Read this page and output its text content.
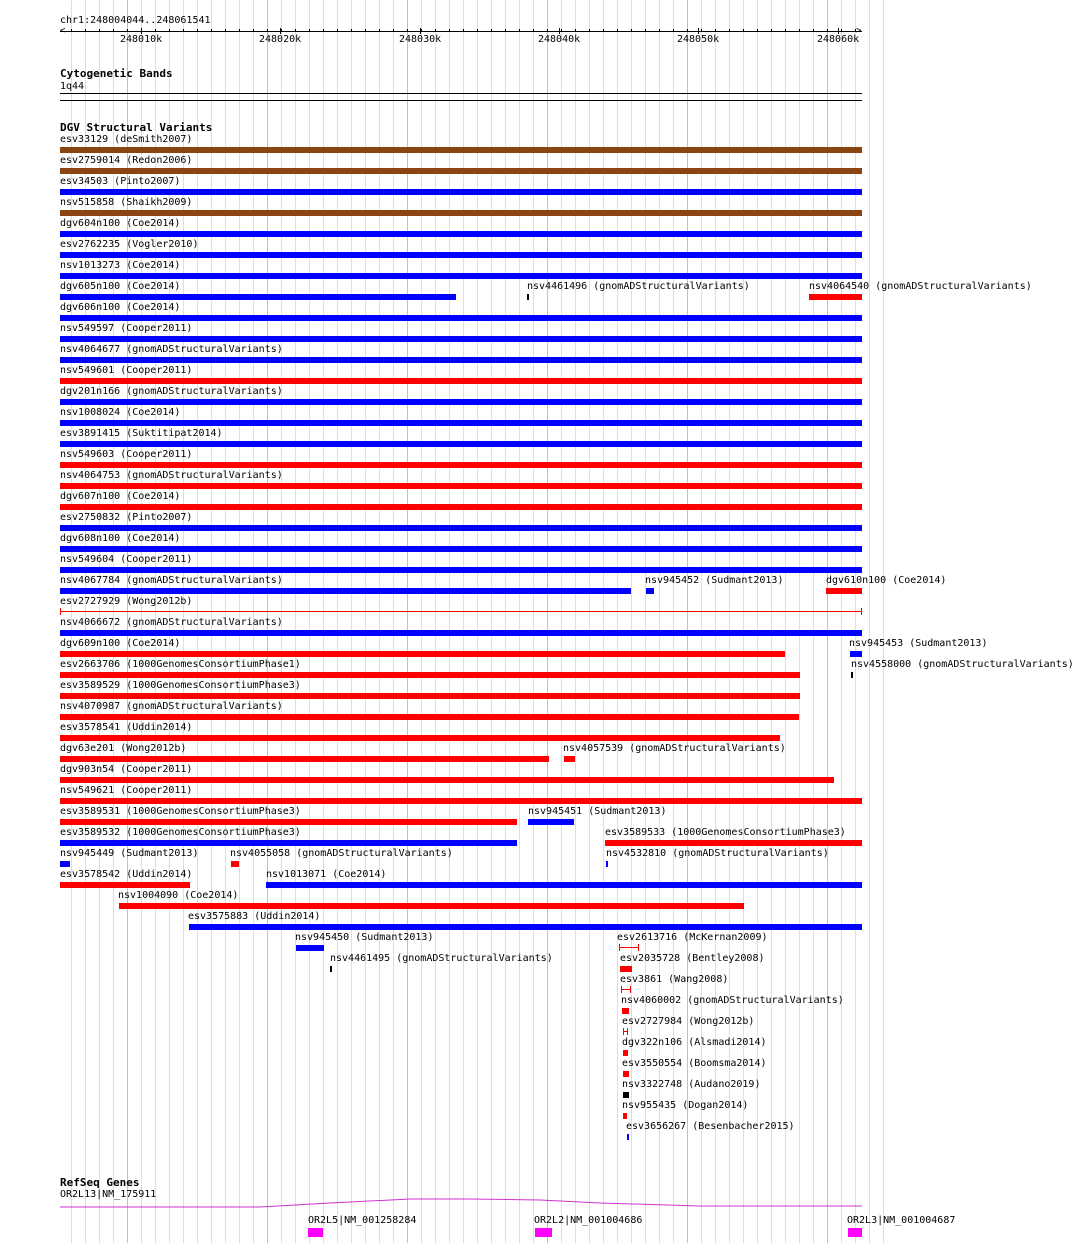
chr1:248004044..248061541
<	>
248010k	248020k	248030k	248040k	248050k	248060k
Cytogenetic Bands
1q44
DGV Structural Variants
esv33129 (deSmith2007)
esv2759014 (Redon2006)
esv34503 (Pinto2007)
nsv515858 (Shaikh2009)
dgv604n100 (Coe2014)
esv2762235 (Vogler2010)
nsv1013273 (Coe2014)
dgv605n100 (Coe2014)	nsv4461496 (gnomADStructuralVariants)	nsv4064540 (gnomADStructuralVariants)
dgv606n100 (Coe2014)
nsv549597 (Cooper2011)
nsv4064677 (gnomADStructuralVariants)
nsv549601 (Cooper2011)
dgv201n166 (gnomADStructuralVariants)
nsv1008024 (Coe2014)
esv3891415 (Suktitipat2014)
nsv549603 (Cooper2011)
nsv4064753 (gnomADStructuralVariants)
dgv607n100 (Coe2014)
esv2750832 (Pinto2007)
dgv608n100 (Coe2014)
nsv549604 (Cooper2011)
nsv4067784 (gnomADStructuralVariants)	nsv945452 (Sudmant2013)	dgv610n100 (Coe2014)
esv2727929 (Wong2012b)
nsv4066672 (gnomADStructuralVariants)
dgv609n100 (Coe2014)	nsv945453 (Sudmant2013)
esv2663706 (1000GenomesConsortiumPhase1)	nsv4558000 (gnomADStructuralVariants)
esv3589529 (1000GenomesConsortiumPhase3)
nsv4070987 (gnomADStructuralVariants)
esv3578541 (Uddin2014)
dgv63e201 (Wong2012b)	nsv4057539 (gnomADStructuralVariants)
dgv903n54 (Cooper2011)
nsv549621 (Cooper2011)
esv3589531 (1000GenomesConsortiumPhase3)	nsv945451 (Sudmant2013)
esv3589532 (1000GenomesConsortiumPhase3)	esv3589533 (1000GenomesConsortiumPhase3)
nsv945449 (Sudmant2013)	nsv4055058 (gnomADStructuralVariants)	nsv4532810 (gnomADStructuralVariants)
esv3578542 (Uddin2014)	nsv1013071 (Coe2014)
nsv1004090 (Coe2014)
esv3575883 (Uddin2014)
nsv945450 (Sudmant2013)	esv2613716 (McKernan2009)
nsv4461495 (gnomADStructuralVariants)	esv2035728 (Bentley2008)
esv3861 (Wang2008)
nsv4060002 (gnomADStructuralVariants)
esv2727984 (Wong2012b)
dgv322n106 (Alsmadi2014)
esv3550554 (Boomsma2014)
nsv3322748 (Audano2019)
nsv955435 (Dogan2014)
esv3656267 (Besenbacher2015)
RefSeq Genes
OR2L13|NM_175911
OR2L5|NM_001258284	OR2L2|NM_001004686	OR2L3|NM_001004687
